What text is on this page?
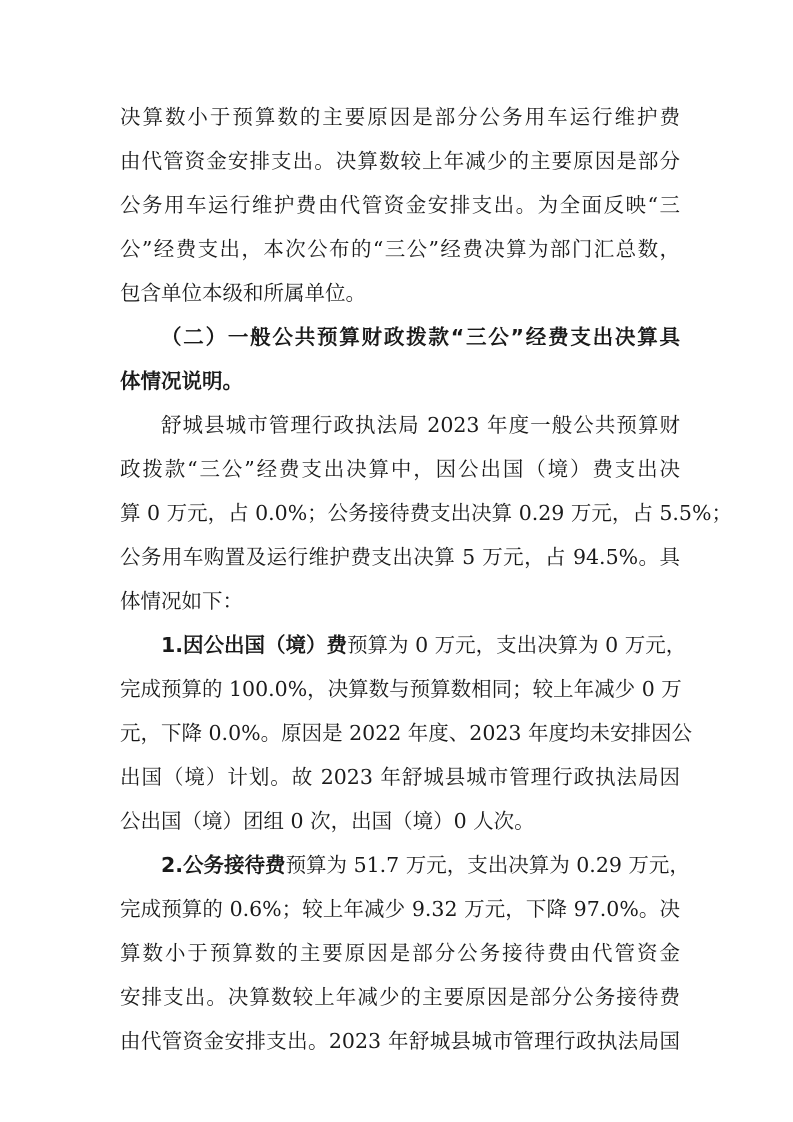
决算数小于预算数的主要原因是部分公务用车运行维护费
由代管资金安排支出。决算数较上年减少的主要原因是部分
公务用车运行维护费由代管资金安排支出。为全面反映“三
公”经费支出，本次公布的“三公”经费决算为部门汇总数，
包含单位本级和所属单位。
（二）一般公共预算财政拨款“三公”经费支出决算具
体情况说明。
舒城县城市管理行政执法局 2023 年度一般公共预算财
政拨款“三公”经费支出决算中，因公出国（境）费支出决
算 0 万元，占 0.0%；公务接待费支出决算 0.29 万元，占 5.5%；
公务用车购置及运行维护费支出决算 5 万元，占 94.5%。具
体情况如下：
1.因公出国（境）费预算为 0 万元，支出决算为 0 万元，
完成预算的 100.0%，决算数与预算数相同；较上年减少 0 万
元，下降 0.0%。原因是 2022 年度、2023 年度均未安排因公
出国（境）计划。故 2023 年舒城县城市管理行政执法局因
公出国（境）团组 0 次，出国（境）0 人次。
2.公务接待费预算为 51.7 万元，支出决算为 0.29 万元，
完成预算的 0.6%；较上年减少 9.32 万元，下降 97.0%。决
算数小于预算数的主要原因是部分公务接待费由代管资金
安排支出。决算数较上年减少的主要原因是部分公务接待费
由代管资金安排支出。2023 年舒城县城市管理行政执法局国
